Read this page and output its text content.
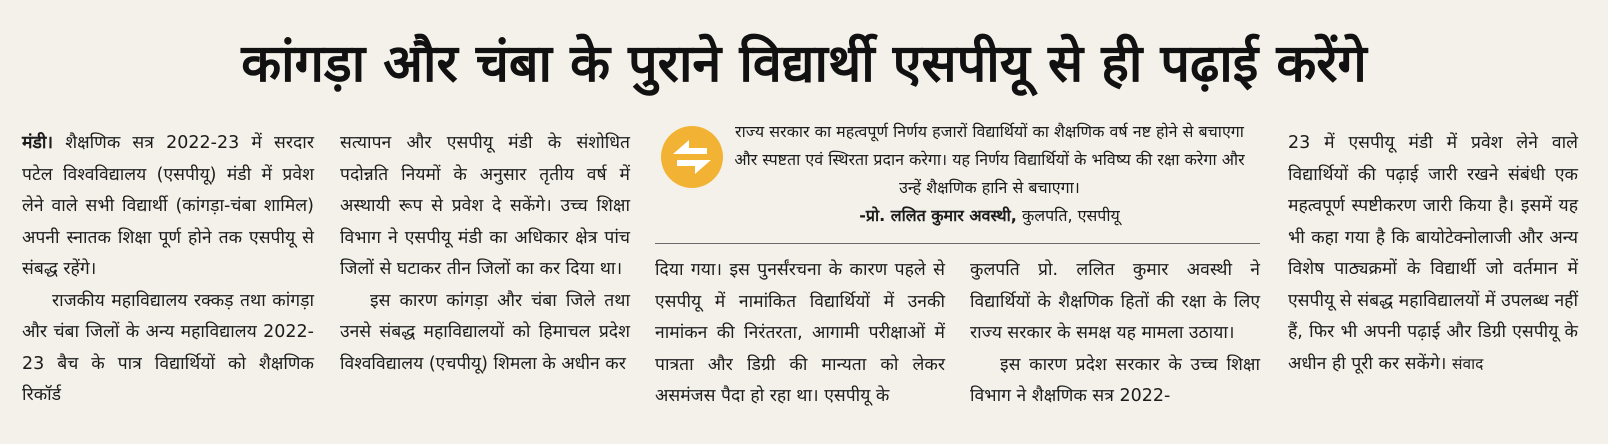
कांगड़ा और चंबा के पुराने विद्यार्थी एसपीयू से ही पढ़ाई करेंगे

मंडी। शैक्षणिक सत्र 2022-23 में सरदार पटेल विश्वविद्यालय (एसपीयू) मंडी में प्रवेश लेने वाले सभी विद्यार्थी (कांगड़ा-चंबा शामिल) अपनी स्नातक शिक्षा पूर्ण होने तक एसपीयू से संबद्ध रहेंगे।

राजकीय महाविद्यालय रक्कड़ तथा कांगड़ा और चंबा जिलों के अन्य महाविद्यालय 2022-23 बैच के पात्र विद्यार्थियों को शैक्षणिक रिकॉर्ड

सत्यापन और एसपीयू मंडी के संशोधित पदोन्नति नियमों के अनुसार तृतीय वर्ष में अस्थायी रूप से प्रवेश दे सकेंगे। उच्च शिक्षा विभाग ने एसपीयू मंडी का अधिकार क्षेत्र पांच जिलों से घटाकर तीन जिलों का कर दिया था।

इस कारण कांगड़ा और चंबा जिले तथा उनसे संबद्ध महाविद्यालयों को हिमाचल प्रदेश विश्वविद्यालय (एचपीयू) शिमला के अधीन कर

राज्य सरकार का महत्वपूर्ण निर्णय हजारों विद्यार्थियों का शैक्षणिक वर्ष नष्ट होने से बचाएगा और स्पष्टता एवं स्थिरता प्रदान करेगा। यह निर्णय विद्यार्थियों के भविष्य की रक्षा करेगा और उन्हें शैक्षणिक हानि से बचाएगा।
-प्रो. ललित कुमार अवस्थी, कुलपति, एसपीयू

दिया गया। इस पुनर्संरचना के कारण पहले से एसपीयू में नामांकित विद्यार्थियों में उनकी नामांकन की निरंतरता, आगामी परीक्षाओं में पात्रता और डिग्री की मान्यता को लेकर असमंजस पैदा हो रहा था। एसपीयू के

कुलपति प्रो. ललित कुमार अवस्थी ने विद्यार्थियों के शैक्षणिक हितों की रक्षा के लिए राज्य सरकार के समक्ष यह मामला उठाया।

इस कारण प्रदेश सरकार के उच्च शिक्षा विभाग ने शैक्षणिक सत्र 2022-

23 में एसपीयू मंडी में प्रवेश लेने वाले विद्यार्थियों की पढ़ाई जारी रखने संबंधी एक महत्वपूर्ण स्पष्टीकरण जारी किया है। इसमें यह भी कहा गया है कि बायोटेक्नोलाजी और अन्य विशेष पाठ्यक्रमों के विद्यार्थी जो वर्तमान में एसपीयू से संबद्ध महाविद्यालयों में उपलब्ध नहीं हैं, फिर भी अपनी पढ़ाई और डिग्री एसपीयू के अधीन ही पूरी कर सकेंगे। संवाद
